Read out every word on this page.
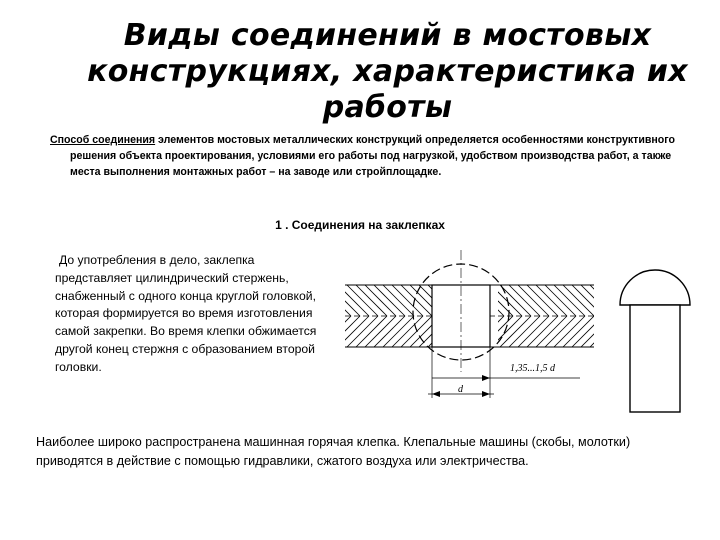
Виды соединений в мостовых конструкциях, характеристика их работы

Способ соединения элементов мостовых металлических конструкций определяется особенностями конструктивного решения объекта проектирования, условиями его работы под нагрузкой, удобством производства работ, а также места выполнения монтажных работ – на заводе или стройплощадке.

1 . Соединения на заклепках

До употребления в дело, заклепка представляет цилиндрический стержень, снабженный с одного конца круглой головкой, которая формируется во время изготовления самой закрепки. Во время клепки обжимается другой конец стержня с образованием второй головки.	1,35...1,5 d
d

Наиболее широко распространена машинная горячая клепка. Клепальные машины (скобы, молотки) приводятся в действие с помощью гидравлики, сжатого воздуха или электричества.
